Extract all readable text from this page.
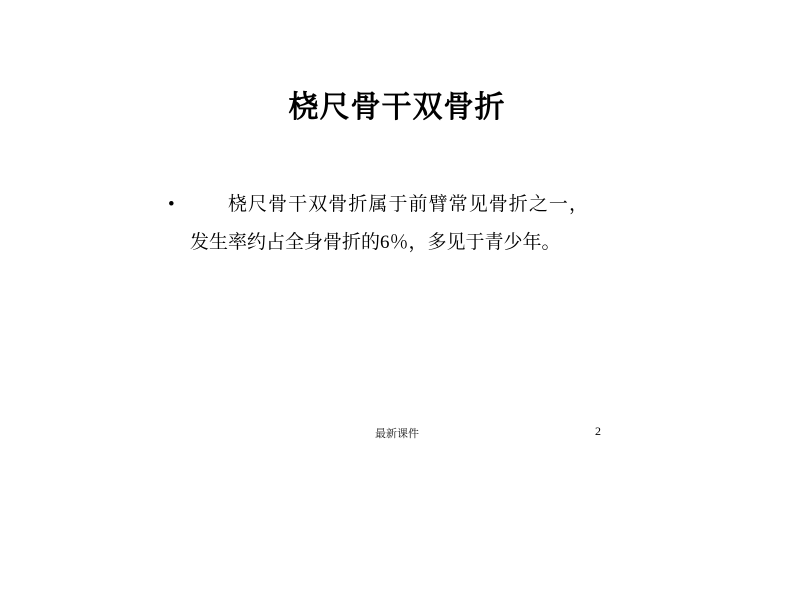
桡尺骨干双骨折
•	桡尺骨干双骨折属于前臂常见骨折之一，发生率约占全身骨折的6％，多见于青少年。
最新课件	2
